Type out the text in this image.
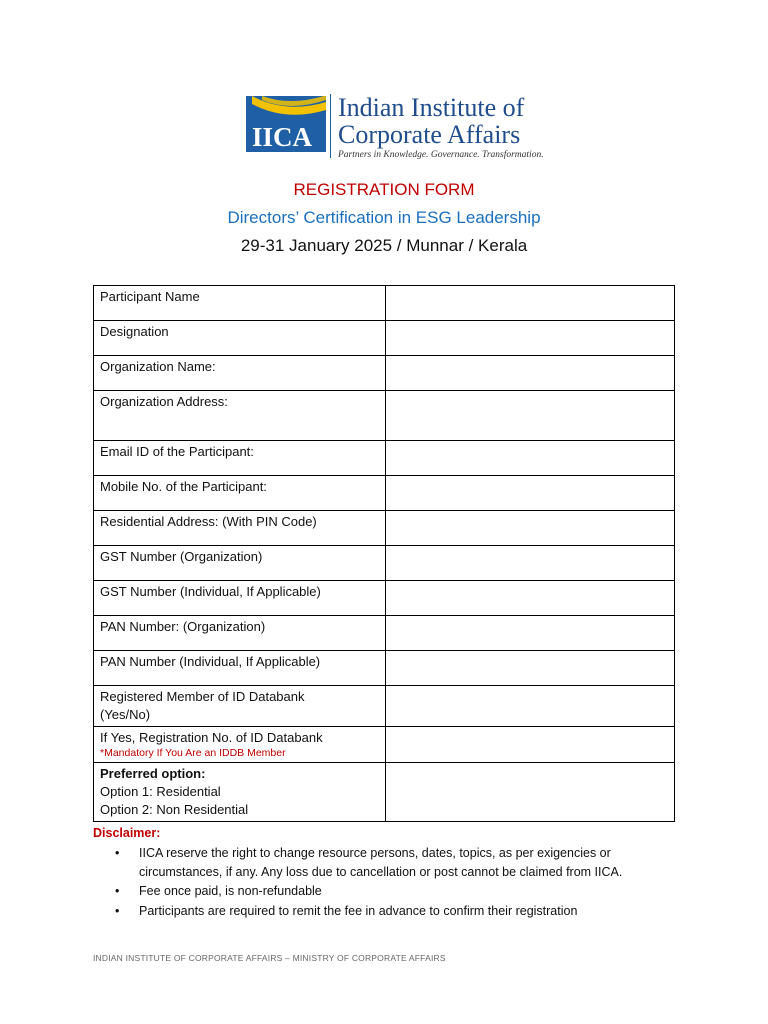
IICA
Indian Institute of
Corporate Affairs
Partners in Knowledge. Governance. Transformation.
REGISTRATION FORM
Directors’ Certification in ESG Leadership
29-31 January 2025 / Munnar / Kerala
Participant Name	
Designation	
Organization Name:	
Organization Address:	
Email ID of the Participant:	
Mobile No. of the Participant:	
Residential Address: (With PIN Code)	
GST Number (Organization)	
GST Number (Individual, If Applicable)	
PAN Number: (Organization)	
PAN Number (Individual, If Applicable)	
Registered Member of ID Databank
(Yes/No)	
If Yes, Registration No. of ID Databank
*Mandatory If You Are an IDDB Member	

Preferred option:
Option 1: Residential
Option 2: Non Residential	
Disclaimer:
• IICA reserve the right to change resource persons, dates, topics, as per exigencies or circumstances, if any. Any loss due to cancellation or post cannot be claimed from IICA.
• Fee once paid, is non-refundable
• Participants are required to remit the fee in advance to confirm their registration
INDIAN INSTITUTE OF CORPORATE AFFAIRS – MINISTRY OF CORPORATE AFFAIRS
